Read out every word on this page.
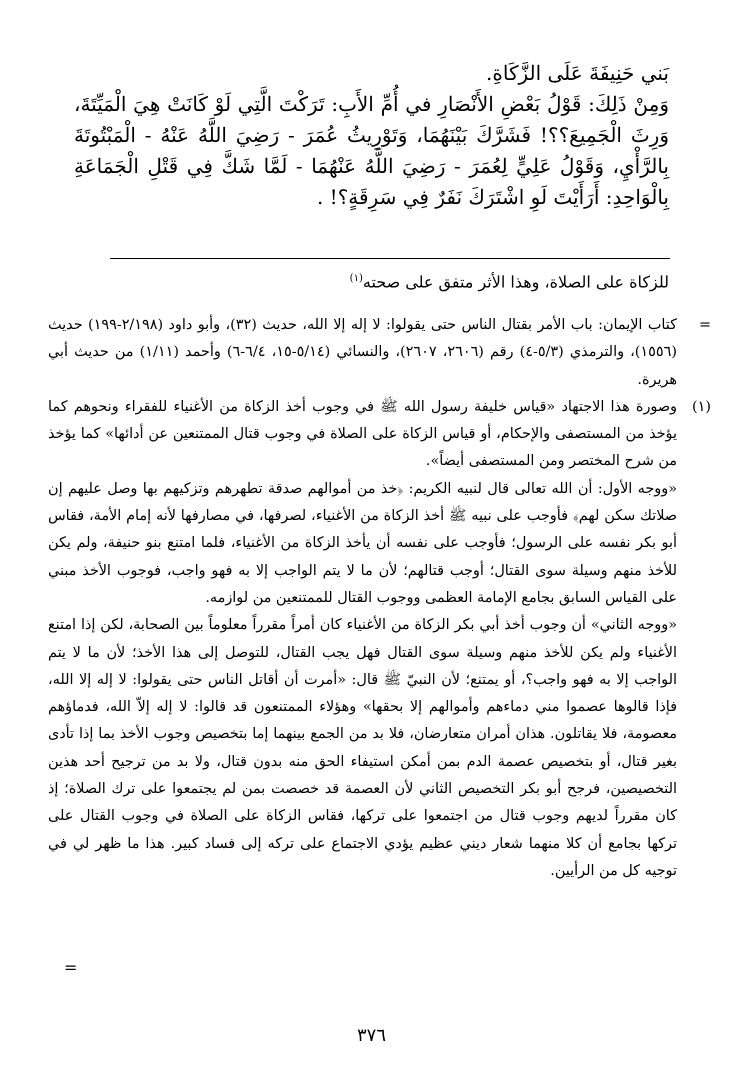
بَني حَنِيفَةَ عَلَى الزَّكَاةِ.

وَمِنْ ذَلِكَ: قَوْلُ بَعْضِ الأَنْصَارِ في أُمِّ الأَبِ: تَرَكْتَ الَّتِي لَوْ كَانَتْ هِيَ الْمَيِّتَةَ، وَرِثَ الْجَمِيعَ؟؟! فَشَرَّكَ بَيْنَهُمَا، وَتَوْرِيثُ عُمَرَ - رَضِيَ اللَّهُ عَنْهُ - الْمَبْتُوتَةَ بِالرَّأْيِ، وَقَوْلُ عَلِيٍّ لِعُمَرَ - رَضِيَ اللَّهُ عَنْهُمَا - لَمَّا شَكَّ فِي قَتْلِ الْجَمَاعَةِ بِالْوَاحِدِ: أَرَأَيْتَ لَوِ اشْتَرَكَ نَفَرٌ فِي سَرِقَةٍ؟! .

للزكاة على الصلاة، وهذا الأثر متفق على صحته$^{(١)}$

=

كتاب الإيمان: باب الأمر بقتال الناس حتى يقولوا: لا إله إلا الله، حديث (٣٢)، وأبو داود (٢/١٩٨-١٩٩) حديث (١٥٥٦)، والترمذي (٥/٣-٤) رقم (٢٦٠٦، ٢٦٠٧)، والنسائي (٥/١٤-١٥، ٦/٤-٦) وأحمد (١/١١) من حديث أبي هريرة.

(١)

وصورة هذا الاجتهاد «قياس خليفة رسول الله ﷺ في وجوب أخذ الزكاة من الأغنياء للفقراء ونحوهم كما يؤخذ من المستصفى والإحكام، أو قياس الزكاة على الصلاة في وجوب قتال الممتنعين عن أدائها» كما يؤخذ من شرح المختصر ومن المستصفى أيضاً».

«ووجه الأول: أن الله تعالى قال لنبيه الكريم: ﴿خذ من أموالهم صدقة تطهرهم وتزكيهم بها وصل عليهم إن صلاتك سكن لهم﴾ فأوجب على نبيه ﷺ أخذ الزكاة من الأغنياء، لصرفها، في مصارفها لأنه إمام الأمة، فقاس أبو بكر نفسه على الرسول؛ فأوجب على نفسه أن يأخذ الزكاة من الأغنياء، فلما امتنع بنو حنيفة، ولم يكن للأخذ منهم وسيلة سوى القتال؛ أوجب قتالهم؛ لأن ما لا يتم الواجب إلا به فهو واجب، فوجوب الأخذ مبني على القياس السابق بجامع الإمامة العظمى ووجوب القتال للممتنعين من لوازمه.

«ووجه الثاني» أن وجوب أخذ أبي بكر الزكاة من الأغنياء كان أمراً مقرراً معلوماً بين الصحابة، لكن إذا امتنع الأغنياء ولم يكن للأخذ منهم وسيلة سوى القتال فهل يجب القتال، للتوصل إلى هذا الأخذ؛ لأن ما لا يتم الواجب إلا به فهو واجب؟، أو يمتنع؛ لأن النبيّ ﷺ قال: «أمرت أن أقاتل الناس حتى يقولوا: لا إله إلا الله، فإذا قالوها عصموا مني دماءهم وأموالهم إلا بحقها» وهؤلاء الممتنعون قد قالوا: لا إله إلاّ الله، فدماؤهم معصومة، فلا يقاتلون. هذان أمران متعارضان، فلا بد من الجمع بينهما إما بتخصيص وجوب الأخذ بما إذا تأدى بغير قتال، أو بتخصيص عصمة الدم بمن أمكن استيفاء الحق منه بدون قتال، ولا بد من ترجيح أحد هذين التخصيصين، فرجح أبو بكر التخصيص الثاني لأن العصمة قد خصصت بمن لم يجتمعوا على ترك الصلاة؛ إذ كان مقرراً لديهم وجوب قتال من اجتمعوا على تركها، فقاس الزكاة على الصلاة في وجوب القتال على تركها بجامع أن كلا منهما شعار ديني عظيم يؤدي الاجتماع على تركه إلى فساد كبير. هذا ما ظهر لي في توجيه كل من الرأيين.

=
٣٧٦
